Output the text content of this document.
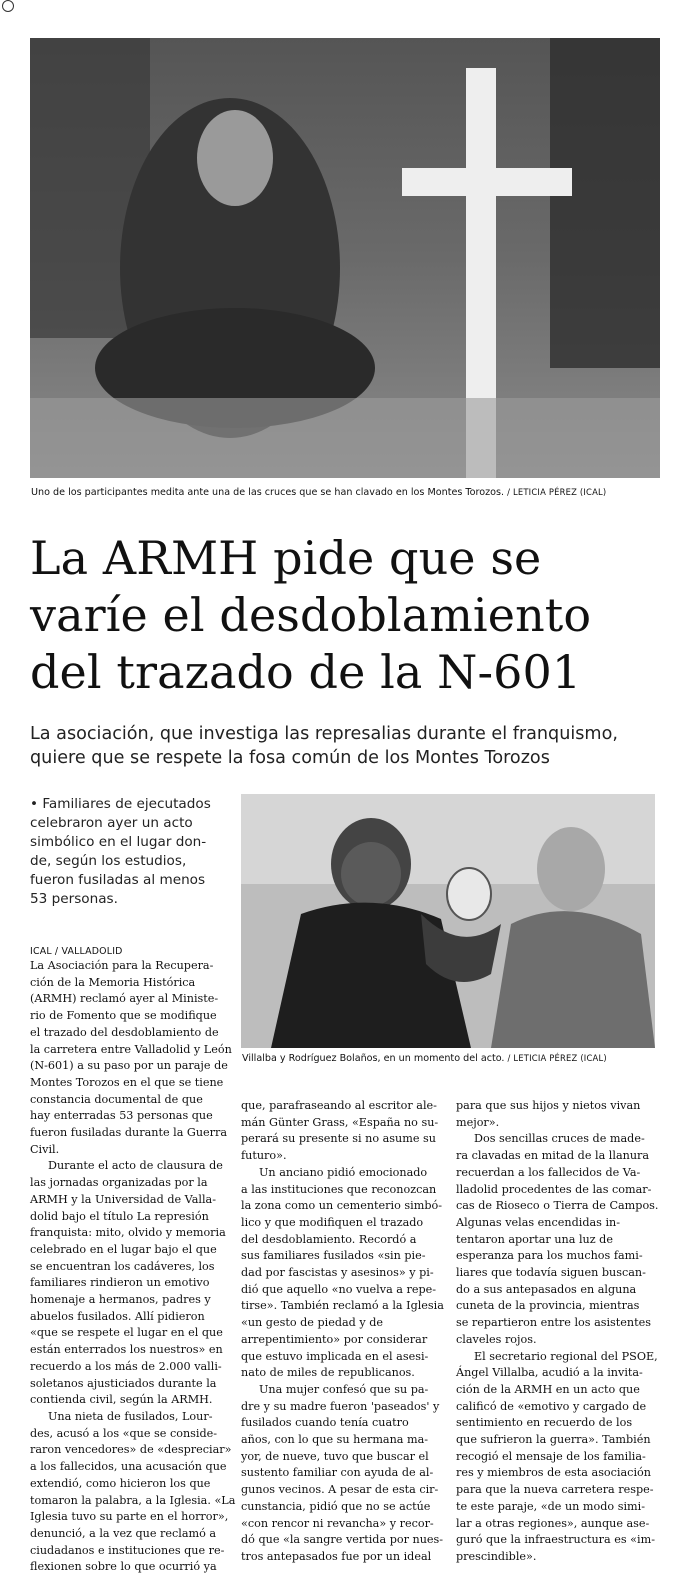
Uno de los participantes medita ante una de las cruces que se han clavado en los Montes Torozos. / LETICIA PÉREZ (ICAL)
La ARMH pide que se
varíe el desdoblamiento
del trazado de la N-601
La asociación, que investiga las represalias durante el franquismo,
quiere que se respete la fosa común de los Montes Torozos
• Familiares de ejecutados
celebraron ayer un acto
simbólico en el lugar don-
de, según los estudios,
fueron fusiladas al menos
53 personas.
Villalba y Rodríguez Bolaños, en un momento del acto. / LETICIA PÉREZ (ICAL)
ICAL / VALLADOLID
La Asociación para la Recupera-
ción de la Memoria Histórica
(ARMH) reclamó ayer al Ministe-
rio de Fomento que se modifique
el trazado del desdoblamiento de
la carretera entre Valladolid y León
(N-601) a su paso por un paraje de
Montes Torozos en el que se tiene
constancia documental de que
hay enterradas 53 personas que
fueron fusiladas durante la Guerra
Civil.
Durante el acto de clausura de
las jornadas organizadas por la
ARMH y la Universidad de Valla-
dolid bajo el título La represión
franquista: mito, olvido y memoria
celebrado en el lugar bajo el que
se encuentran los cadáveres, los
familiares rindieron un emotivo
homenaje a hermanos, padres y
abuelos fusilados. Allí pidieron
«que se respete el lugar en el que
están enterrados los nuestros» en
recuerdo a los más de 2.000 valli-
soletanos ajusticiados durante la
contienda civil, según la ARMH.
Una nieta de fusilados, Lour-
des, acusó a los «que se conside-
raron vencedores» de «despreciar»
a los fallecidos, una acusación que
extendió, como hicieron los que
tomaron la palabra, a la Iglesia. «La
Iglesia tuvo su parte en el horror»,
denunció, a la vez que reclamó a
ciudadanos e instituciones que re-
flexionen sobre lo que ocurrió ya
que, parafraseando al escritor ale-
mán Günter Grass, «España no su-
perará su presente si no asume su
futuro».
Un anciano pidió emocionado
a las instituciones que reconozcan
la zona como un cementerio simbó-
lico y que modifiquen el trazado
del desdoblamiento. Recordó a
sus familiares fusilados «sin pie-
dad por fascistas y asesinos» y pi-
dió que aquello «no vuelva a repe-
tirse». También reclamó a la Iglesia
«un gesto de piedad y de
arrepentimiento» por considerar
que estuvo implicada en el asesi-
nato de miles de republicanos.
Una mujer confesó que su pa-
dre y su madre fueron 'paseados' y
fusilados cuando tenía cuatro
años, con lo que su hermana ma-
yor, de nueve, tuvo que buscar el
sustento familiar con ayuda de al-
gunos vecinos. A pesar de esta cir-
cunstancia, pidió que no se actúe
«con rencor ni revancha» y recor-
dó que «la sangre vertida por nues-
tros antepasados fue por un ideal
para que sus hijos y nietos vivan
mejor».
Dos sencillas cruces de made-
ra clavadas en mitad de la llanura
recuerdan a los fallecidos de Va-
lladolid procedentes de las comar-
cas de Rioseco o Tierra de Campos.
Algunas velas encendidas in-
tentaron aportar una luz de
esperanza para los muchos fami-
liares que todavía siguen buscan-
do a sus antepasados en alguna
cuneta de la provincia, mientras
se repartieron entre los asistentes
claveles rojos.
El secretario regional del PSOE,
Ángel Villalba, acudió a la invita-
ción de la ARMH en un acto que
calificó de «emotivo y cargado de
sentimiento en recuerdo de los
que sufrieron la guerra». También
recogió el mensaje de los familia-
res y miembros de esta asociación
para que la nueva carretera respe-
te este paraje, «de un modo simi-
lar a otras regiones», aunque ase-
guró que la infraestructura es «im-
prescindible».
